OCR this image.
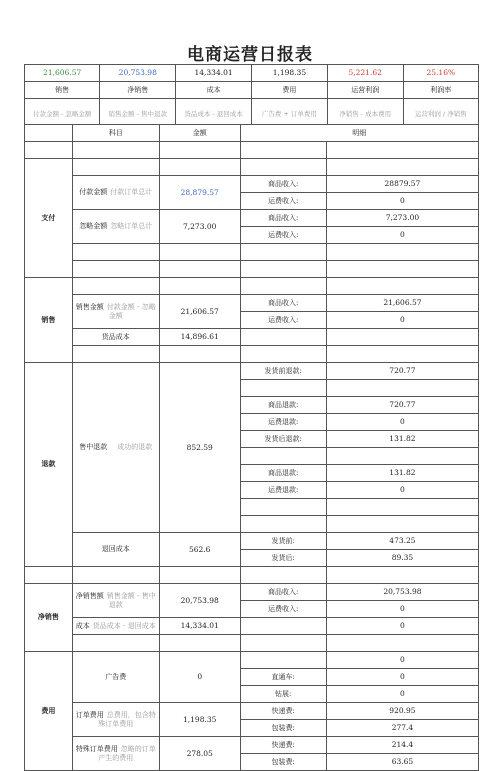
电商运营日报表
21,606.57	20,753.98	14,334.01	1,198.35	5,221.62	25.16%
销售	净销售	成本	费用	运营利润	利润率
付款金额 - 忽略金额	销售金额 - 售中退款	货品成本 - 退回成本	广告费 + 订单费用	净销售 - 成本费用	运营利润 / 净销售
	科目	金额	明细	

支付				
	付款金额 付款订单总计	28,879.57	商品收入:	28879.57
			运费收入:	0
	忽略金额 忽略订单总计	7,273.00	商品收入:	7,273.00
			运费收入:	0

销售				
	销售金额 付款金额 - 忽略金额	21,606.57	商品收入:	21,606.57
			运费收入:	0
	货品成本	14,896.61		

退款	售中退款 成功的退款	852.59	发货前退款:	720.77

			商品退款:	720.77
			运费退款:	0
			发货后退款:	131.82

			商品退款:	131.82
			运费退款:	0

	退回成本	562.6	发货前:	473.25
			发货后:	89.35

净销售	净销售额 销售金额 - 售中退款	20,753.98	商品收入:	20,753.98
			运费收入:	0
	成本 货品成本 - 退回成本	14,334.01		0

费用	广告费	0		0
			直通车:	0
			钻展:	0
	订单费用 总费用，包含特殊订单费用	1,198.35	快递费:	920.95
			包装费:	277.4
	特殊订单费用 忽略的订单产生的费用	278.05	快递费:	214.4
			包装费:	63.65
